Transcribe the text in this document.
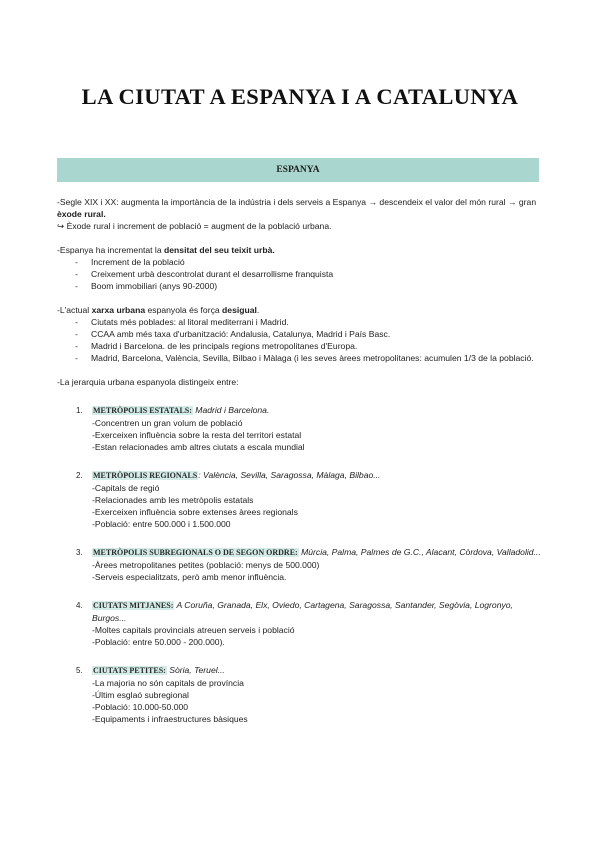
LA CIUTAT A ESPANYA I A CATALUNYA
ESPANYA

-Segle XIX i XX: augmenta la importància de la indústria i dels serveis a Espanya → descendeix el valor del món rural → gran èxode rural.

↪ Èxode rural i increment de població = augment de la població urbana.

-Espanya ha incrementat la densitat del seu teixit urbà.

- Increment de la població
- Creixement urbà descontrolat durant el desarrollisme franquista
- Boom immobiliari (anys 90-2000)

-L'actual xarxa urbana espanyola és força desigual.

- Ciutats més poblades: al litoral mediterrani i Madrid.
- CCAA amb més taxa d'urbanització: Andalusia, Catalunya, Madrid i País Basc.
- Madrid i Barcelona. de les principals regions metropolitanes d'Europa.
- Madrid, Barcelona, València, Sevilla, Bilbao i Màlaga (i les seves àrees metropolitanes: acumulen 1/3 de la població.

-La jerarquia urbana espanyola distingeix entre:

1. METRÒPOLIS ESTATALS: Madrid i Barcelona.
-Concentren un gran volum de població
-Exerceixen influència sobre la resta del territori estatal
-Estan relacionades amb altres ciutats a escala mundial
2. METRÒPOLIS REGIONALS: València, Sevilla, Saragossa, Màlaga, Bilbao...
-Capitals de regió
-Relacionades amb les metròpolis estatals
-Exerceixen influència sobre extenses àrees regionals
-Població: entre 500.000 i 1.500.000
3. METRÒPOLIS SUBREGIONALS O DE SEGON ORDRE: Múrcia, Palma, Palmes de G.C., Alacant, Còrdova, Valladolid...
-Àrees metropolitanes petites (població: menys de 500.000)
-Serveis especialitzats, però amb menor influència.
4. CIUTATS MITJANES: A Coruña, Granada, Elx, Oviedo, Cartagena, Saragossa, Santander, Segòvia, Logronyo, Burgos...
-Moltes capitals provincials atreuen serveis i població
-Població: entre 50.000 - 200.000).
5. CIUTATS PETITES: Sòria, Teruel...
-La majoria no són capitals de província
-Últim esglaó subregional
-Població: 10.000-50.000
-Equipaments i infraestructures bàsiques
